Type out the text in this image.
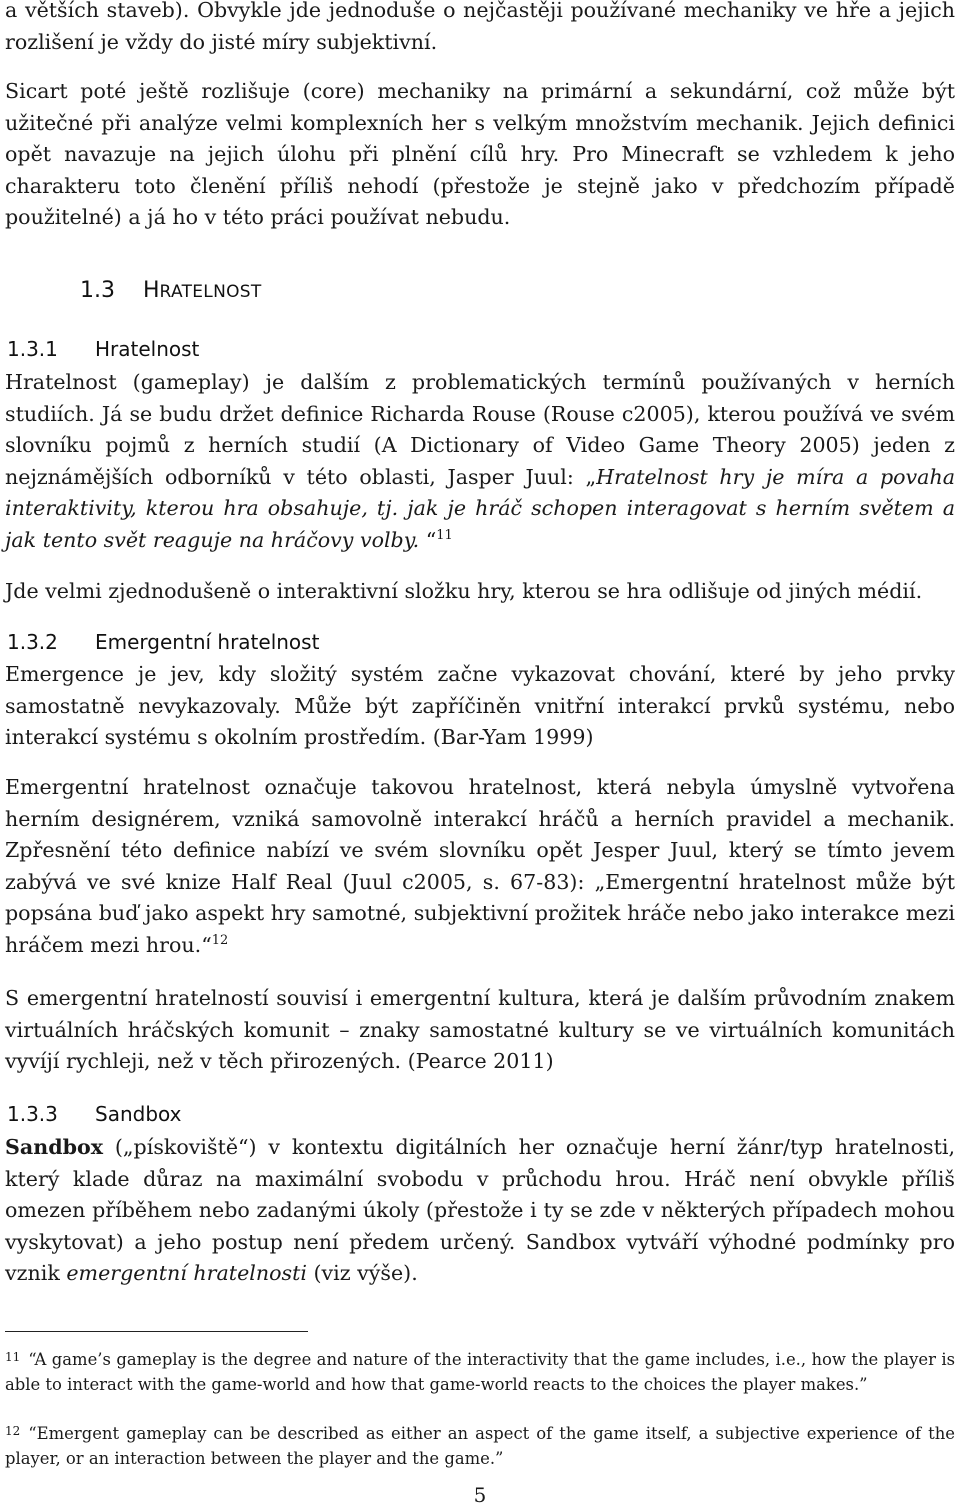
a větších staveb). Obvykle jde jednoduše o nejčastěji používané mechaniky ve hře a jejich rozlišení je vždy do jisté míry subjektivní.

Sicart poté ještě rozlišuje (core) mechaniky na primární a sekundární, což může být užitečné při analýze velmi komplexních her s velkým množstvím mechanik. Jejich definici opět navazuje na jejich úlohu při plnění cílů hry. Pro Minecraft se vzhledem k jeho charakteru toto členění příliš nehodí (přestože je stejně jako v předchozím případě použitelné) a já ho v této práci používat nebudu.

1.3 HRATELNOST
1.3.1 Hratelnost

Hratelnost (gameplay) je dalším z problematických termínů používaných v herních studiích. Já se budu držet definice Richarda Rouse (Rouse c2005), kterou používá ve svém slovníku pojmů z herních studií (A Dictionary of Video Game Theory 2005) jeden z nejznámějších odborníků v této oblasti, Jasper Juul: „Hratelnost hry je míra a povaha interaktivity, kterou hra obsahuje, tj. jak je hráč schopen interagovat s herním světem a jak tento svět reaguje na hráčovy volby. “$^{11}$

Jde velmi zjednodušeně o interaktivní složku hry, kterou se hra odlišuje od jiných médií.

1.3.2 Emergentní hratelnost

Emergence je jev, kdy složitý systém začne vykazovat chování, které by jeho prvky samostatně nevykazovaly. Může být zapříčiněn vnitřní interakcí prvků systému, nebo interakcí systému s okolním prostředím. (Bar-Yam 1999)

Emergentní hratelnost označuje takovou hratelnost, která nebyla úmyslně vytvořena herním designérem, vzniká samovolně interakcí hráčů a herních pravidel a mechanik. Zpřesnění této definice nabízí ve svém slovníku opět Jesper Juul, který se tímto jevem zabývá ve své knize Half Real (Juul c2005, s. 67-83): „Emergentní hratelnost může být popsána buď jako aspekt hry samotné, subjektivní prožitek hráče nebo jako interakce mezi hráčem mezi hrou.“$^{12}$

S emergentní hratelností souvisí i emergentní kultura, která je dalším průvodním znakem virtuálních hráčských komunit – znaky samostatné kultury se ve virtuálních komunitách vyvíjí rychleji, než v těch přirozených. (Pearce 2011)

1.3.3 Sandbox

Sandbox („pískoviště“) v kontextu digitálních her označuje herní žánr/typ hratelnosti, který klade důraz na maximální svobodu v průchodu hrou. Hráč není obvykle příliš omezen příběhem nebo zadanými úkoly (přestože i ty se zde v některých případech mohou vyskytovat) a jeho postup není předem určený. Sandbox vytváří výhodné podmínky pro vznik emergentní hratelnosti (viz výše).

$^{11}$ “A game’s gameplay is the degree and nature of the interactivity that the game includes, i.e., how the player is able to interact with the game-world and how that game-world reacts to the choices the player makes.”
$^{12}$ “Emergent gameplay can be described as either an aspect of the game itself, a subjective experience of the player, or an interaction between the player and the game.”
5
